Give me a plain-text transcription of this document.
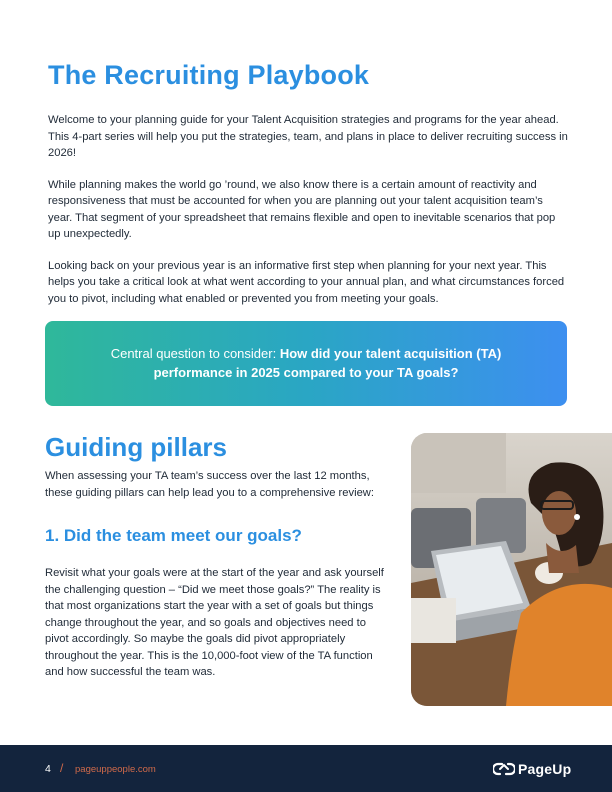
The Recruiting Playbook

Welcome to your planning guide for your Talent Acquisition strategies and programs for the year ahead. This 4-part series will help you put the strategies, team, and plans in place to deliver recruiting success in 2026!

While planning makes the world go ’round, we also know there is a certain amount of reactivity and responsiveness that must be accounted for when you are planning out your talent acquisition team’s year. That segment of your spreadsheet that remains flexible and open to inevitable scenarios that pop up unexpectedly.

Looking back on your previous year is an informative first step when planning for your next year. This helps you take a critical look at what went according to your annual plan, and what circumstances forced you to pivot, including what enabled or prevented you from meeting your goals.

Central question to consider: How did your talent acquisition (TA) performance in 2025 compared to your TA goals?
Guiding pillars

When assessing your TA team’s success over the last 12 months, these guiding pillars can help lead you to a comprehensive review:

1. Did the team meet our goals?

Revisit what your goals were at the start of the year and ask yourself the challenging question – “Did we meet those goals?” The reality is that most organizations start the year with a set of goals but things change throughout the year, and so goals and objectives need to pivot accordingly. So maybe the goals did pivot appropriately throughout the year. This is the 10,000-foot view of the TA function and how successful the team was.

4 / pageuppeople.com	PageUp
